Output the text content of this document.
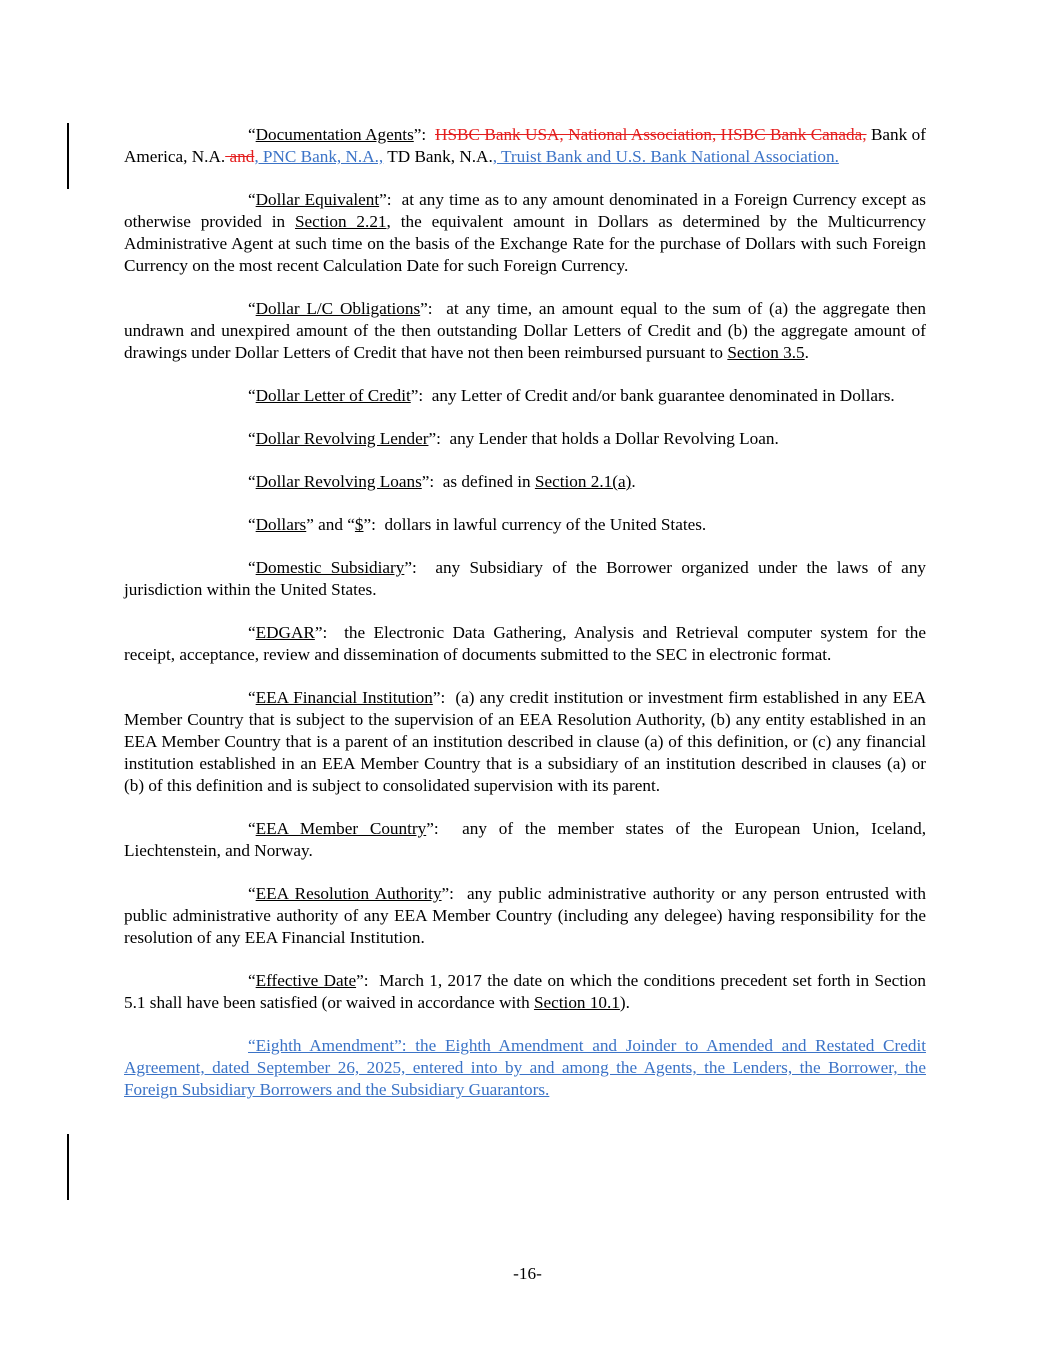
“Documentation Agents”:  HSBC Bank USA, National Association, HSBC Bank Canada, Bank of America, N.A. and, PNC Bank, N.A., TD Bank, N.A., Truist Bank and U.S. Bank National Association.

“Dollar Equivalent”:  at any time as to any amount denominated in a Foreign Currency except as otherwise provided in Section 2.21, the equivalent amount in Dollars as determined by the Multicurrency Administrative Agent at such time on the basis of the Exchange Rate for the purchase of Dollars with such Foreign Currency on the most recent Calculation Date for such Foreign Currency.

“Dollar L/C Obligations”:  at any time, an amount equal to the sum of (a) the aggregate then undrawn and unexpired amount of the then outstanding Dollar Letters of Credit and (b) the aggregate amount of drawings under Dollar Letters of Credit that have not then been reimbursed pursuant to Section 3.5.

“Dollar Letter of Credit”:  any Letter of Credit and/or bank guarantee denominated in Dollars.

“Dollar Revolving Lender”:  any Lender that holds a Dollar Revolving Loan.

“Dollar Revolving Loans”:  as defined in Section 2.1(a).

“Dollars” and “$”:  dollars in lawful currency of the United States.

“Domestic Subsidiary”:  any Subsidiary of the Borrower organized under the laws of any jurisdiction within the United States.

“EDGAR”:  the Electronic Data Gathering, Analysis and Retrieval computer system for the receipt, acceptance, review and dissemination of documents submitted to the SEC in electronic format.

“EEA Financial Institution”:  (a) any credit institution or investment firm established in any EEA Member Country that is subject to the supervision of an EEA Resolution Authority, (b) any entity established in an EEA Member Country that is a parent of an institution described in clause (a) of this definition, or (c) any financial institution established in an EEA Member Country that is a subsidiary of an institution described in clauses (a) or (b) of this definition and is subject to consolidated supervision with its parent.

“EEA Member Country”:  any of the member states of the European Union, Iceland, Liechtenstein, and Norway.

“EEA Resolution Authority”:  any public administrative authority or any person entrusted with public administrative authority of any EEA Member Country (including any delegee) having responsibility for the resolution of any EEA Financial Institution.

“Effective Date”:  March 1, 2017 the date on which the conditions precedent set forth in Section 5.1 shall have been satisfied (or waived in accordance with Section 10.1).

“Eighth Amendment”: the Eighth Amendment and Joinder to Amended and Restated Credit Agreement, dated September 26, 2025, entered into by and among the Agents, the Lenders, the Borrower, the Foreign Subsidiary Borrowers and the Subsidiary Guarantors.

-16-
